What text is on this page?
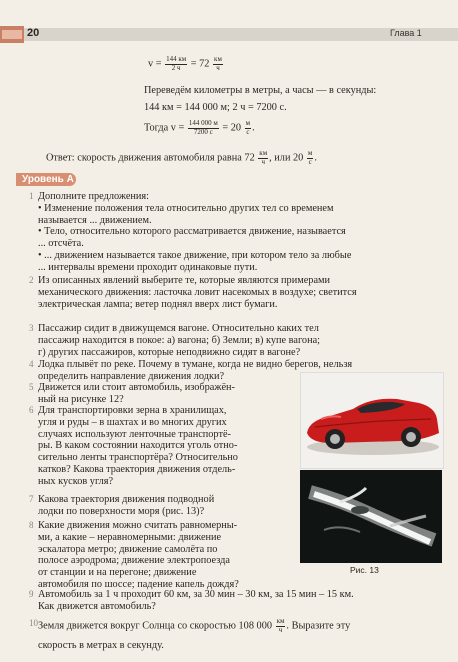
20	Глава 1
$v = \frac{144 км}{2 ч} = 72 \frac{км}{ч}$
Переведём километры в метры, а часы — в секунды:
144 км = 144 000 м; 2 ч = 7200 с.
Тогда $v = \frac{144 000 м}{7200 с} = 20 \frac{м}{с}$ .
Ответ: скорость движения автомобиля равна $72 \frac{км}{ч}$ , или $20 \frac{м}{с}$ .
Уровень А
1 Дополните предложения:
• Изменение положения тела относительно других тел со временем
называется ... движением.
• Тело, относительно которого рассматривается движение, называется
... отсчёта.
• ... движением называется такое движение, при котором тело за любые
... интервалы времени проходит одинаковые пути.
2 Из описанных явлений выберите те, которые являются примерами
механического движения: ласточка ловит насекомых в воздухе; светится
электрическая лампа; ветер поднял вверх лист бумаги.
3 Пассажир сидит в движущемся вагоне. Относительно каких тел
пассажир находится в покое: а) вагона; б) Земли; в) купе вагона;
г) других пассажиров, которые неподвижно сидят в вагоне?
4 Лодка плывёт по реке. Почему в тумане, когда не видно берегов, нельзя
определить направление движения лодки?
5 Движется или стоит автомобиль, изображён-
ный на рисунке 12?
6 Для транспортировки зерна в хранилищах,
угля и руды – в шахтах и во многих других
случаях используют ленточные транспортё-
ры. В каком состоянии находится уголь отно-
сительно ленты транспортёра? Относительно
катков? Какова траектория движения отдель-
ных кусков угля?
7 Какова траектория движения подводной
лодки по поверхности моря (рис. 13)?
8 Какие движения можно считать равномерны-
ми, а какие – неравномерными: движение
эскалатора метро; движение самолёта по
полосе аэродрома; движение электропоезда
от станции и на перегоне; движение
автомобиля по шоссе; падение капель дождя?
9 Автомобиль за 1 ч проходит 60 км, за 30 мин – 30 км, за 15 мин – 15 км.
Как движется автомобиль?
10 Земля движется вокруг Солнца со скоростью 108 $000 \frac{км}{ч}$ . Выразите эту
скорость в метрах в секунду.
Рис. 13
